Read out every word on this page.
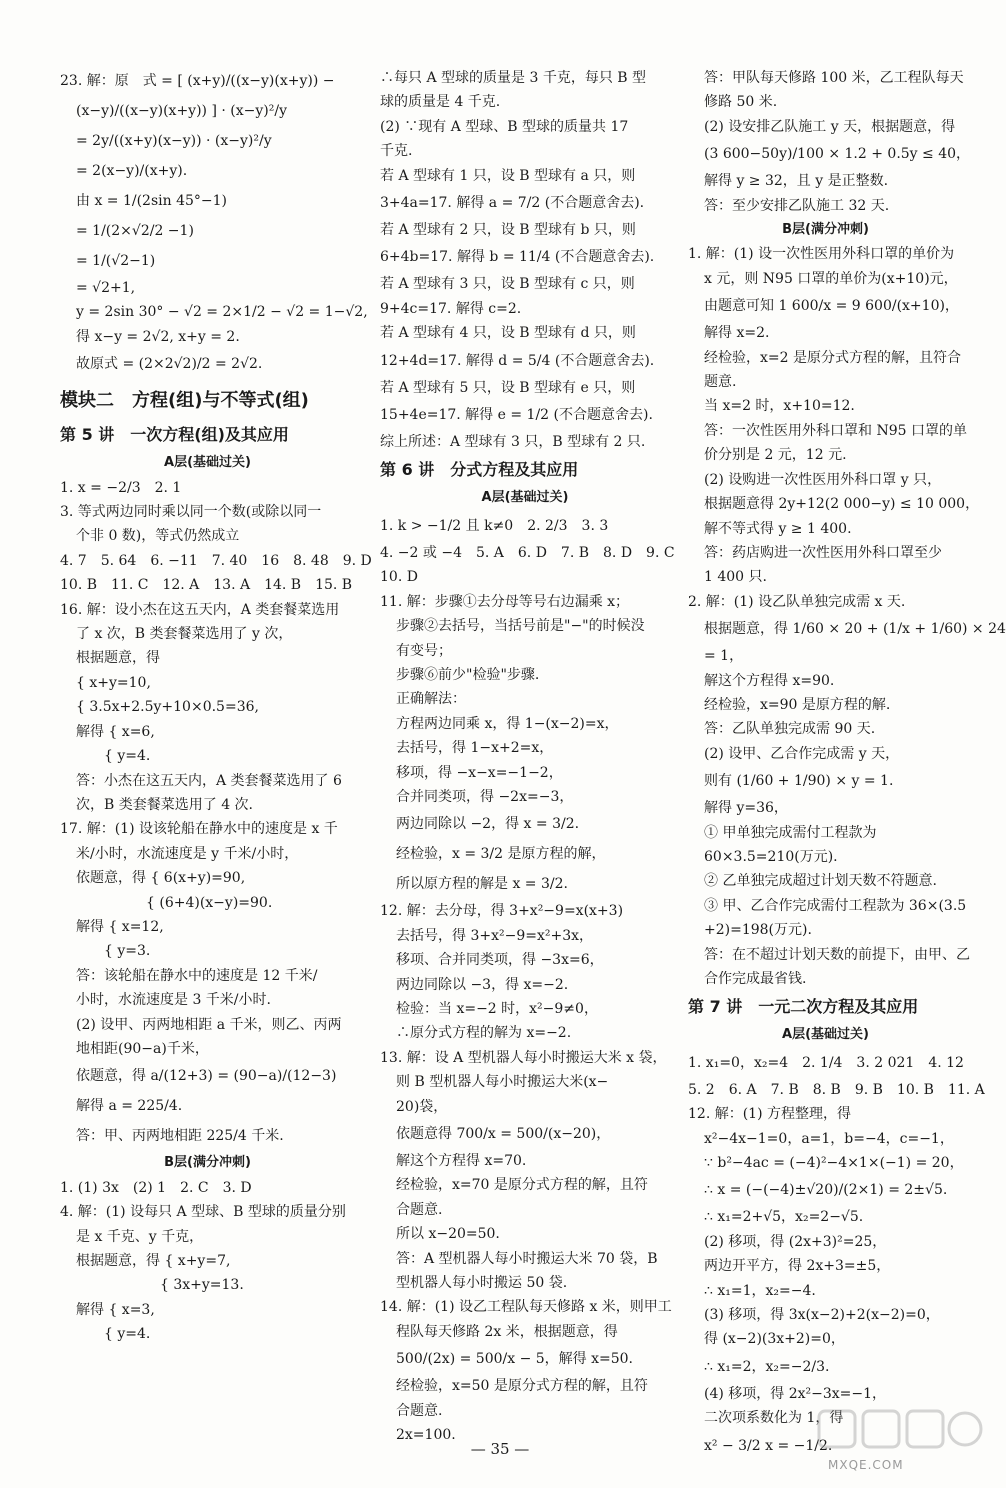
23. 解：原　式 = [ (x+y)/((x−y)(x+y)) −
(x−y)/((x−y)(x+y)) ] · (x−y)²/y
= 2y/((x+y)(x−y)) · (x−y)²/y
= 2(x−y)/(x+y).
由 x = 1/(2sin 45°−1)
= 1/(2×√2/2 −1)
= 1/(√2−1)
= √2+1,
y = 2sin 30° − √2 = 2×1/2 − √2 = 1−√2,
得 x−y = 2√2, x+y = 2.
故原式 = (2×2√2)/2 = 2√2.
模块二　方程(组)与不等式(组)
第 5 讲　一次方程(组)及其应用
A层(基础过关)
1. x = −2/3　2. 1
3. 等式两边同时乘以同一个数(或除以同一
个非 0 数)，等式仍然成立
4. 7　5. 64　6. −11　7. 40　16　8. 48　9. D
10. B　11. C　12. A　13. A　14. B　15. B
16. 解：设小杰在这五天内，A 类套餐菜选用
了 x 次，B 类套餐菜选用了 y 次，
根据题意，得
{ x+y=10,
{ 3.5x+2.5y+10×0.5=36,
解得 { x=6,
　　{ y=4.
答：小杰在这五天内，A 类套餐菜选用了 6
次，B 类套餐菜选用了 4 次.
17. 解：(1) 设该轮船在静水中的速度是 x 千
米/小时，水流速度是 y 千米/小时，
依题意，得 { 6(x+y)=90,
　　　　　{ (6+4)(x−y)=90.
解得 { x=12,
　　{ y=3.
答：该轮船在静水中的速度是 12 千米/
小时，水流速度是 3 千米/小时.
(2) 设甲、丙两地相距 a 千米，则乙、丙两
地相距(90−a)千米，
依题意，得 a/(12+3) = (90−a)/(12−3)
解得 a = 225/4.
答：甲、丙两地相距 225/4 千米.
B层(满分冲刺)
1. (1) 3x　(2) 1　2. C　3. D
4. 解：(1) 设每只 A 型球、B 型球的质量分别
是 x 千克、y 千克，
根据题意，得 { x+y=7,
　　　　　　{ 3x+y=13.
解得 { x=3,
　　{ y=4.
∴每只 A 型球的质量是 3 千克，每只 B 型
球的质量是 4 千克.
(2) ∵现有 A 型球、B 型球的质量共 17
千克.
若 A 型球有 1 只，设 B 型球有 a 只，则
3+4a=17. 解得 a = 7/2 (不合题意舍去).
若 A 型球有 2 只，设 B 型球有 b 只，则
6+4b=17. 解得 b = 11/4 (不合题意舍去).
若 A 型球有 3 只，设 B 型球有 c 只，则
9+4c=17. 解得 c=2.
若 A 型球有 4 只，设 B 型球有 d 只，则
12+4d=17. 解得 d = 5/4 (不合题意舍去).
若 A 型球有 5 只，设 B 型球有 e 只，则
15+4e=17. 解得 e = 1/2 (不合题意舍去).
综上所述：A 型球有 3 只，B 型球有 2 只.
第 6 讲　分式方程及其应用
A层(基础过关)
1. k > −1/2 且 k≠0　2. 2/3　3. 3
4. −2 或 −4　5. A　6. D　7. B　8. D　9. C
10. D
11. 解：步骤①去分母等号右边漏乘 x；
步骤②去括号，当括号前是"−"的时候没
有变号；
步骤⑥前少"检验"步骤.
正确解法：
方程两边同乘 x，得 1−(x−2)=x，
去括号，得 1−x+2=x，
移项，得 −x−x=−1−2，
合并同类项，得 −2x=−3，
两边同除以 −2，得 x = 3/2.
经检验，x = 3/2 是原方程的解，
所以原方程的解是 x = 3/2.
12. 解：去分母，得 3+x²−9=x(x+3)
去括号，得 3+x²−9=x²+3x，
移项、合并同类项，得 −3x=6，
两边同除以 −3，得 x=−2.
检验：当 x=−2 时，x²−9≠0，
∴原分式方程的解为 x=−2.
13. 解：设 A 型机器人每小时搬运大米 x 袋，
则 B 型机器人每小时搬运大米(x−
20)袋，
依题意得 700/x = 500/(x−20)，
解这个方程得 x=70.
经检验，x=70 是原分式方程的解，且符
合题意.
所以 x−20=50.
答：A 型机器人每小时搬运大米 70 袋，B
型机器人每小时搬运 50 袋.
14. 解：(1) 设乙工程队每天修路 x 米，则甲工
程队每天修路 2x 米，根据题意，得
500/(2x) = 500/x − 5，解得 x=50.
经检验，x=50 是原分式方程的解，且符
合题意.
2x=100.
答：甲队每天修路 100 米，乙工程队每天
修路 50 米.
(2) 设安排乙队施工 y 天，根据题意，得
(3 600−50y)/100 × 1.2 + 0.5y ≤ 40，
解得 y ≥ 32，且 y 是正整数.
答：至少安排乙队施工 32 天.
B层(满分冲刺)
1. 解：(1) 设一次性医用外科口罩的单价为
x 元，则 N95 口罩的单价为(x+10)元，
由题意可知 1 600/x = 9 600/(x+10)，
解得 x=2.
经检验，x=2 是原分式方程的解，且符合
题意.
当 x=2 时，x+10=12.
答：一次性医用外科口罩和 N95 口罩的单
价分别是 2 元，12 元.
(2) 设购进一次性医用外科口罩 y 只，
根据题意得 2y+12(2 000−y) ≤ 10 000，
解不等式得 y ≥ 1 400.
答：药店购进一次性医用外科口罩至少
1 400 只.
2. 解：(1) 设乙队单独完成需 x 天.
根据题意，得 1/60 × 20 + (1/x + 1/60) × 24
= 1，
解这个方程得 x=90.
经检验，x=90 是原方程的解.
答：乙队单独完成需 90 天.
(2) 设甲、乙合作完成需 y 天，
则有 (1/60 + 1/90) × y = 1.
解得 y=36，
① 甲单独完成需付工程款为
60×3.5=210(万元).
② 乙单独完成超过计划天数不符题意.
③ 甲、乙合作完成需付工程款为 36×(3.5
+2)=198(万元).
答：在不超过计划天数的前提下，由甲、乙
合作完成最省钱.
第 7 讲　一元二次方程及其应用
A层(基础过关)
1. x₁=0，x₂=4　2. 1/4　3. 2 021　4. 12
5. 2　6. A　7. B　8. B　9. B　10. B　11. A
12. 解：(1) 方程整理，得
x²−4x−1=0，a=1，b=−4，c=−1，
∵ b²−4ac = (−4)²−4×1×(−1) = 20，
∴ x = (−(−4)±√20)/(2×1) = 2±√5.
∴ x₁=2+√5，x₂=2−√5.
(2) 移项，得 (2x+3)²=25，
两边开平方，得 2x+3=±5，
∴ x₁=1，x₂=−4.
(3) 移项，得 3x(x−2)+2(x−2)=0，
得 (x−2)(3x+2)=0，
∴ x₁=2，x₂=−2/3.
(4) 移项，得 2x²−3x=−1，
二次项系数化为 1，得
x² − 3/2 x = −1/2.
— 35 —
MXQE.COM
